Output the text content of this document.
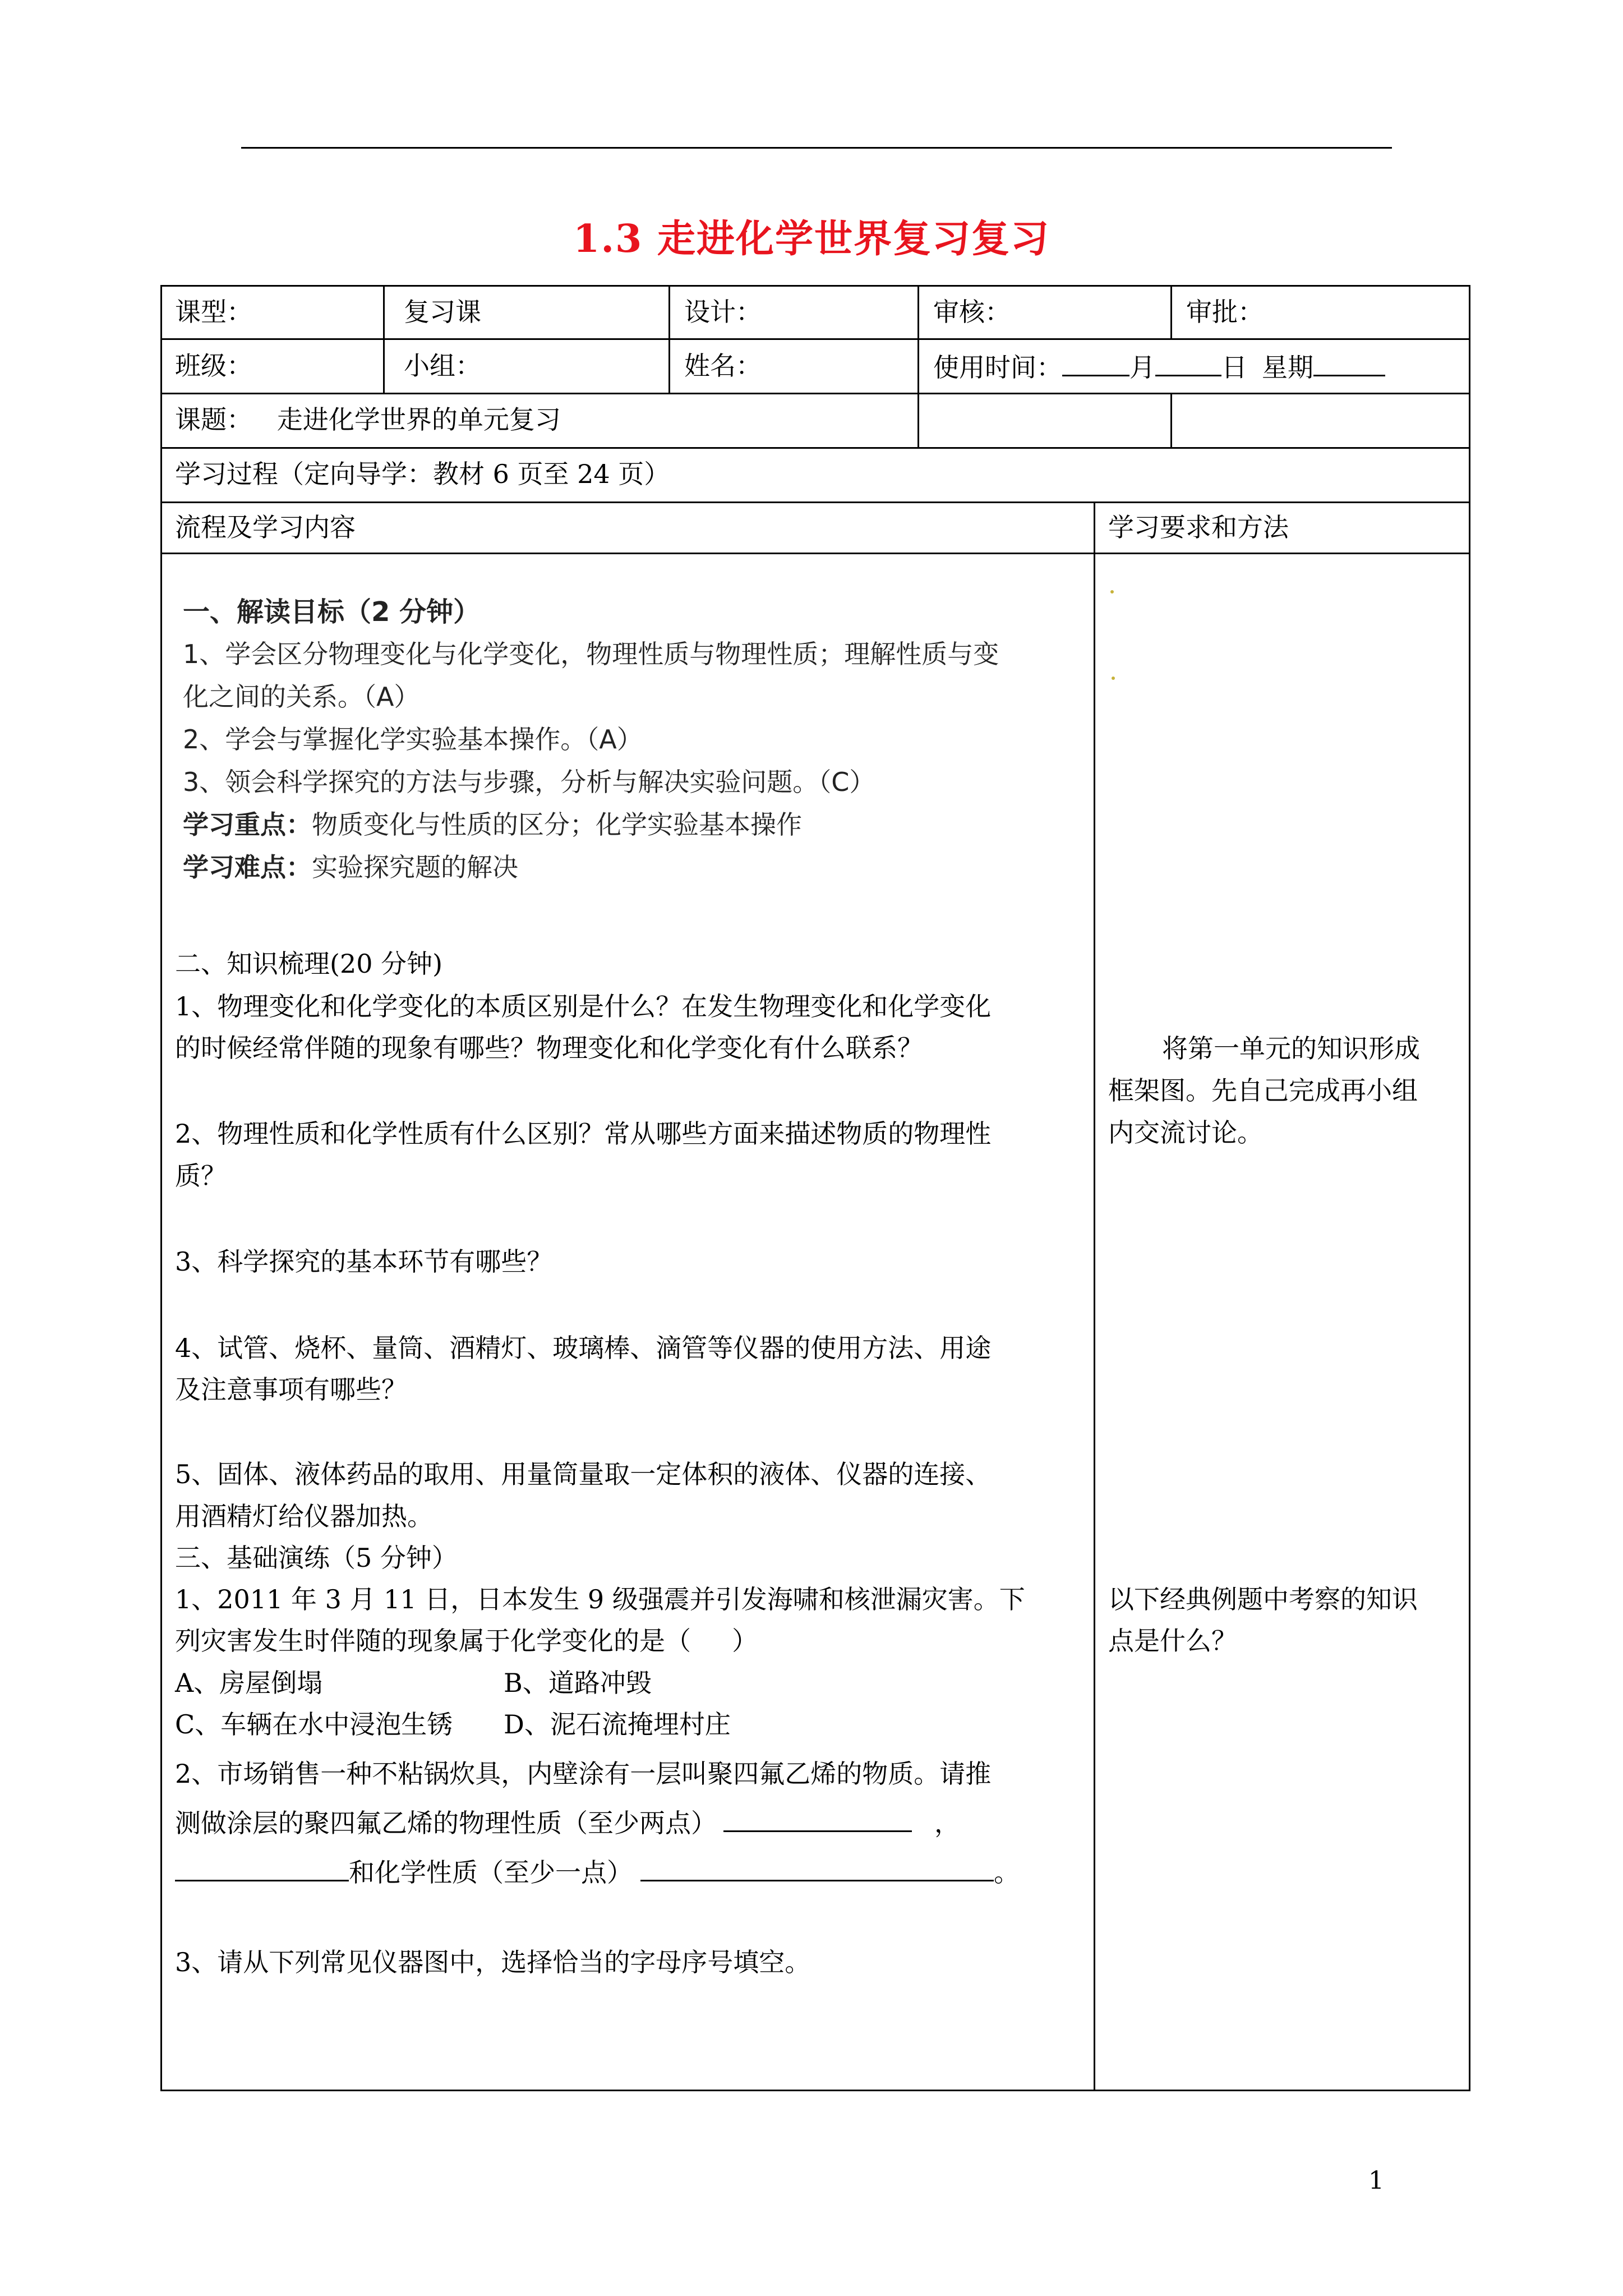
1.3 走进化学世界复习复习
课型：	复习课	设计：	审核：	审批：
班级：	小组：	姓名：	使用时间：	月	日 星期
课题：   走进化学世界的单元复习
学习过程（定向导学：教材 6 页至 24 页）
流程及学习内容	学习要求和方法
一、解读目标（2 分钟）
1、学会区分物理变化与化学变化，物理性质与物理性质；理解性质与变
化之间的关系。（A）
2、学会与掌握化学实验基本操作。（A）
3、领会科学探究的方法与步骤，分析与解决实验问题。（C）
学习重点：物质变化与性质的区分；化学实验基本操作
学习难点：实验探究题的解决
二、知识梳理(20 分钟)
1、物理变化和化学变化的本质区别是什么？在发生物理变化和化学变化
的时候经常伴随的现象有哪些？物理变化和化学变化有什么联系？
2、物理性质和化学性质有什么区别？常从哪些方面来描述物质的物理性
质？
3、科学探究的基本环节有哪些？
4、试管、烧杯、量筒、酒精灯、玻璃棒、滴管等仪器的使用方法、用途
及注意事项有哪些？
5、固体、液体药品的取用、用量筒量取一定体积的液体、仪器的连接、
用酒精灯给仪器加热。
三、基础演练（5 分钟）
1、2011 年 3 月 11 日，日本发生 9 级强震并引发海啸和核泄漏灾害。下
列灾害发生时伴随的现象属于化学变化的是（     ）
A、房屋倒塌	B、道路冲毁
C、车辆在水中浸泡生锈 D、泥石流掩埋村庄
2、市场销售一种不粘锅炊具，内壁涂有一层叫聚四氟乙烯的物质。请推
测做涂层的聚四氟乙烯的物理性质（至少两点）	，
和化学性质（至少一点）	。
3、请从下列常见仪器图中，选择恰当的字母序号填空。
将第一单元的知识形成
框架图。先自己完成再小组
内交流讨论。
以下经典例题中考察的知识
点是什么？
1
